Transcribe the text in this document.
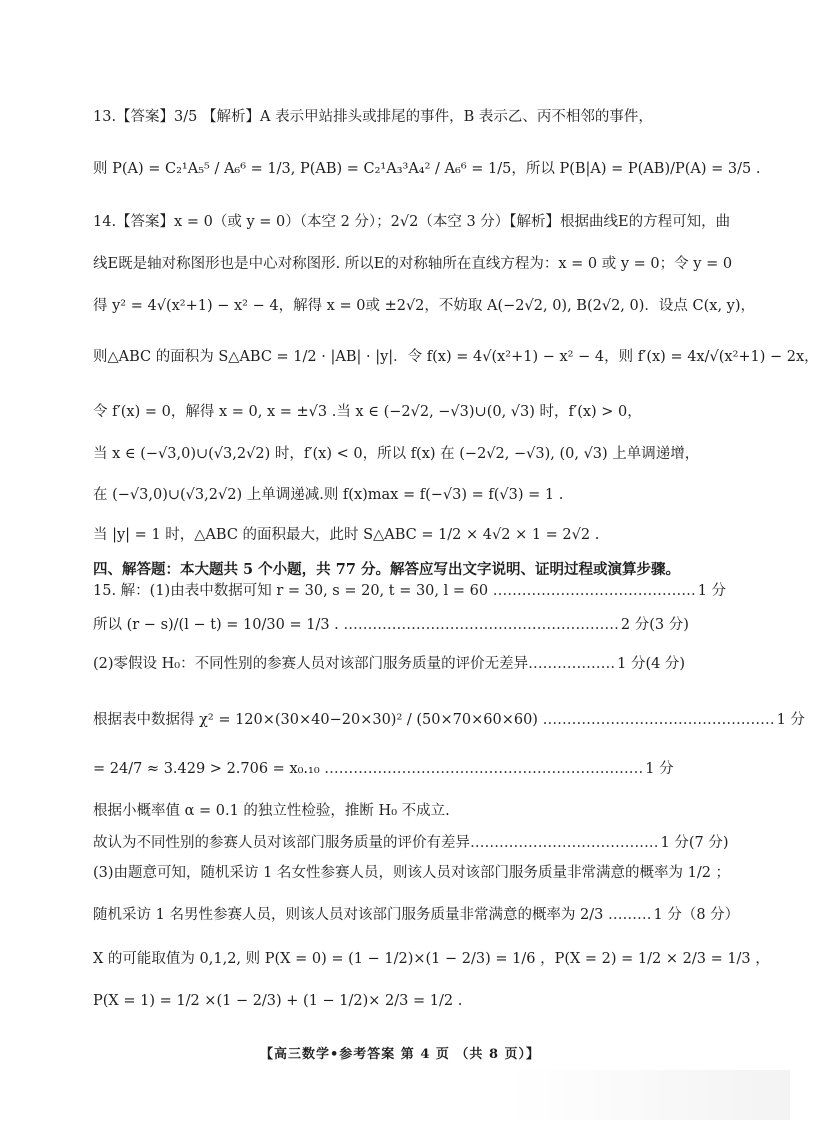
13.【答案】3/5 【解析】A 表示甲站排头或排尾的事件，B 表示乙、丙不相邻的事件，
则 P(A) = C₂¹A₅⁵ / A₆⁶ = 1/3, P(AB) = C₂¹A₃³A₄² / A₆⁶ = 1/5，所以 P(B|A) = P(AB)/P(A) = 3/5 .
14.【答案】x = 0（或 y = 0）（本空 2 分）；2√2（本空 3 分）【解析】根据曲线E的方程可知，曲
线E既是轴对称图形也是中心对称图形. 所以E的对称轴所在直线方程为：x = 0 或 y = 0；令 y = 0
得 y² = 4√(x²+1) − x² − 4，解得 x = 0或 ±2√2，不妨取 A(−2√2, 0), B(2√2, 0)．设点 C(x, y)，
则△ABC 的面积为 S△ABC = 1/2 · |AB| · |y|．令 f(x) = 4√(x²+1) − x² − 4，则 f′(x) = 4x/√(x²+1) − 2x，
令 f′(x) = 0，解得 x = 0, x = ±√3 .当 x ∈ (−2√2, −√3)∪(0, √3) 时，f′(x) > 0，
当 x ∈ (−√3,0)∪(√3,2√2) 时，f′(x) < 0，所以 f(x) 在 (−2√2, −√3), (0, √3) 上单调递增，
在 (−√3,0)∪(√3,2√2) 上单调递减.则 f(x)max = f(−√3) = f(√3) = 1 .
当 |y| = 1 时，△ABC 的面积最大，此时 S△ABC = 1/2 × 4√2 × 1 = 2√2 .
四、解答题：本大题共 5 个小题，共 77 分。解答应写出文字说明、证明过程或演算步骤。
15. 解：(1)由表中数据可知 r = 30, s = 20, t = 30, l = 60 …………………………………… 1 分
所以 (r − s)/(l − t) = 10/30 = 1/3 . ………………………………………………… 2 分(3 分)
(2)零假设 H₀：不同性别的参赛人员对该部门服务质量的评价无差异……………… 1 分(4 分)
根据表中数据得 χ² = 120×(30×40−20×30)² / (50×70×60×60) ………………………………………… 1 分
= 24/7 ≈ 3.429 > 2.706 = x₀.₁₀ ………………………………………………………… 1 分
根据小概率值 α = 0.1 的独立性检验，推断 H₀ 不成立.
故认为不同性别的参赛人员对该部门服务质量的评价有差异………………………………… 1 分(7 分)
(3)由题意可知，随机采访 1 名女性参赛人员，则该人员对该部门服务质量非常满意的概率为 1/2 ；
随机采访 1 名男性参赛人员，则该人员对该部门服务质量非常满意的概率为 2/3 ……… 1 分（8 分）
X 的可能取值为 0,1,2, 则 P(X = 0) = (1 − 1/2)×(1 − 2/3) = 1/6 ，P(X = 2) = 1/2 × 2/3 = 1/3 ，
P(X = 1) = 1/2 ×(1 − 2/3) + (1 − 1/2)× 2/3 = 1/2 .
【高三数学•参考答案 第 4 页 （共 8 页）】
